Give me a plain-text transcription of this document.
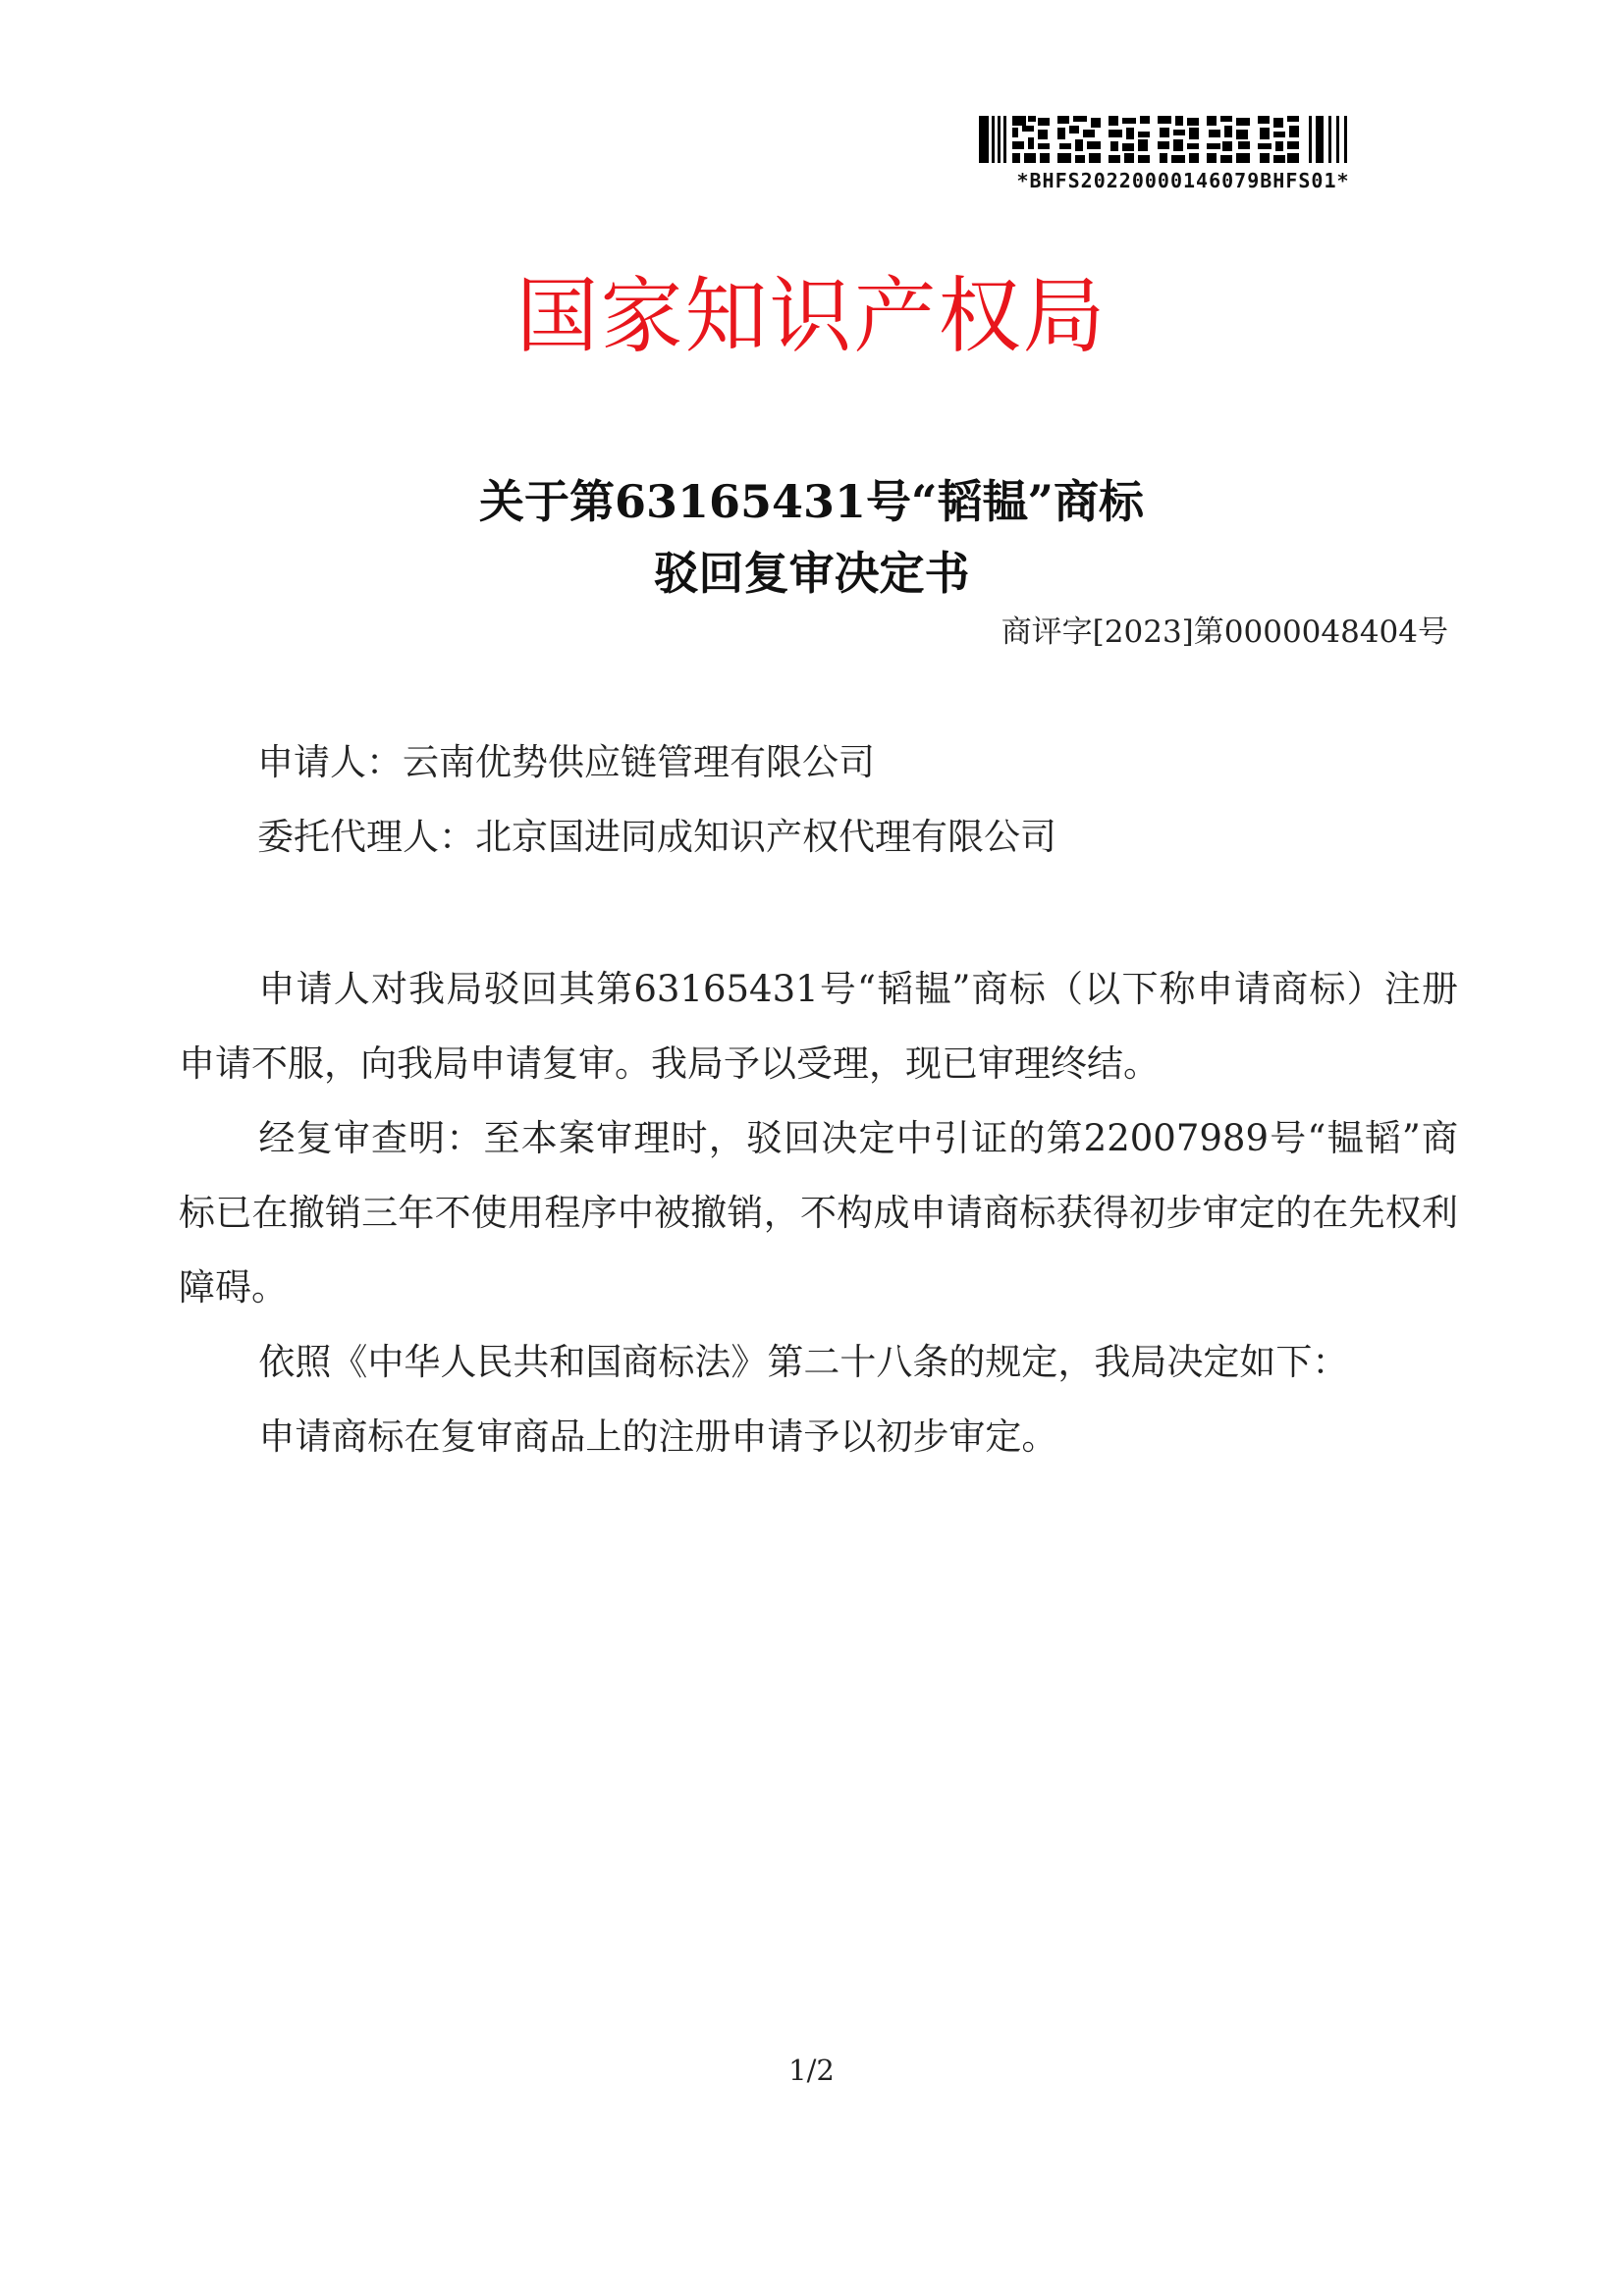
*BHFS20220000146079BHFS01*
国家知识产权局
关于第63165431号“韬韫”商标
驳回复审决定书
商评字[2023]第0000048404号
申请人：云南优势供应链管理有限公司
委托代理人：北京国进同成知识产权代理有限公司

申请人对我局驳回其第63165431号“韬韫”商标（以下称申请商标）注册申请不服，向我局申请复审。我局予以受理，现已审理终结。

经复审查明：至本案审理时，驳回决定中引证的第22007989号“韫韬”商标已在撤销三年不使用程序中被撤销，不构成申请商标获得初步审定的在先权利障碍。

依照《中华人民共和国商标法》第二十八条的规定，我局决定如下：

申请商标在复审商品上的注册申请予以初步审定。

1/2
